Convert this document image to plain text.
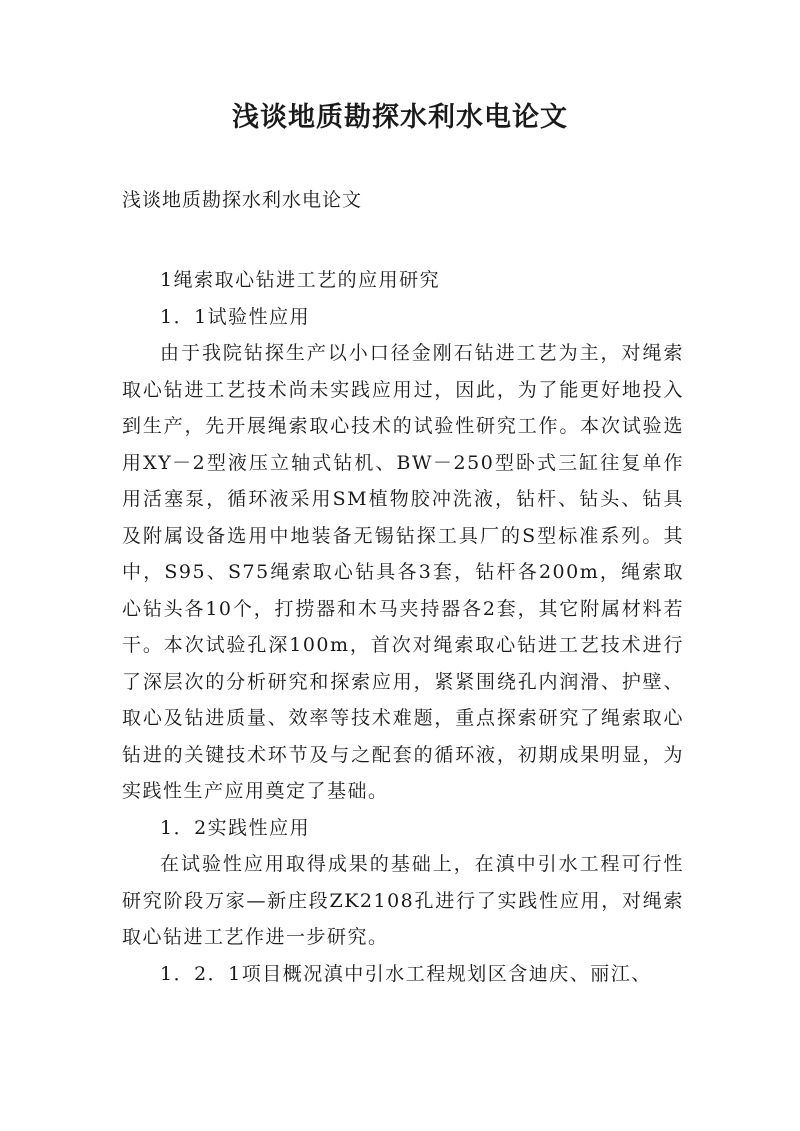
浅谈地质勘探水利水电论文
浅谈地质勘探水利水电论文

1绳索取心钻进工艺的应用研究

1．1试验性应用

由于我院钻探生产以小口径金刚石钻进工艺为主，对绳索取心钻进工艺技术尚未实践应用过，因此，为了能更好地投入到生产，先开展绳索取心技术的试验性研究工作。本次试验选用XY－2型液压立轴式钻机、BW－250型卧式三缸往复单作用活塞泵，循环液采用SM植物胶冲洗液，钻杆、钻头、钻具及附属设备选用中地装备无锡钻探工具厂的S型标准系列。其中，S95、S75绳索取心钻具各3套，钻杆各200m，绳索取心钻头各10个，打捞器和木马夹持器各2套，其它附属材料若干。本次试验孔深100m，首次对绳索取心钻进工艺技术进行了深层次的分析研究和探索应用，紧紧围绕孔内润滑、护壁、取心及钻进质量、效率等技术难题，重点探索研究了绳索取心钻进的关键技术环节及与之配套的循环液，初期成果明显，为实践性生产应用奠定了基础。

1．2实践性应用

在试验性应用取得成果的基础上，在滇中引水工程可行性研究阶段万家—新庄段ZK2108孔进行了实践性应用，对绳索取心钻进工艺作进一步研究。

1．2．1项目概况滇中引水工程规划区含迪庆、丽江、
